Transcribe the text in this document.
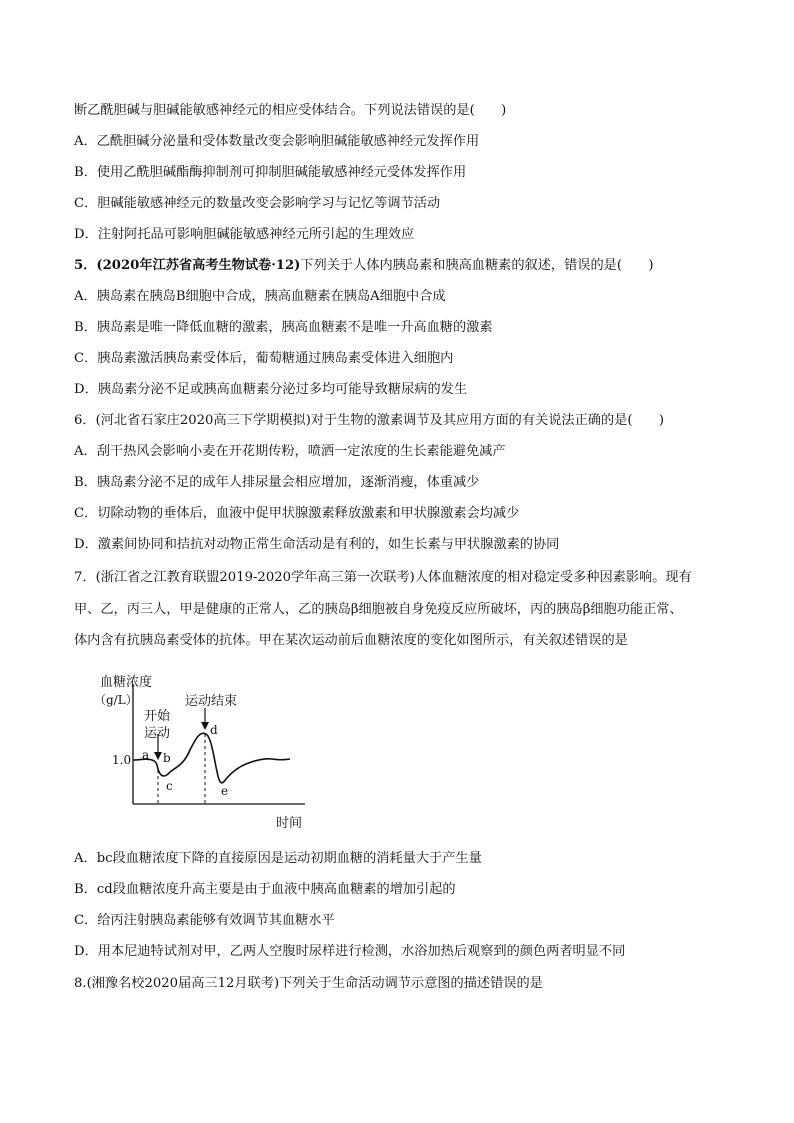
断乙酰胆碱与胆碱能敏感神经元的相应受体结合。下列说法错误的是(　　)
A．乙酰胆碱分泌量和受体数量改变会影响胆碱能敏感神经元发挥作用
B．使用乙酰胆碱酯酶抑制剂可抑制胆碱能敏感神经元受体发挥作用
C．胆碱能敏感神经元的数量改变会影响学习与记忆等调节活动
D．注射阿托品可影响胆碱能敏感神经元所引起的生理效应
5．(2020年江苏省高考生物试卷·12)下列关于人体内胰岛素和胰高血糖素的叙述，错误的是(　　)
A．胰岛素在胰岛B细胞中合成，胰高血糖素在胰岛A细胞中合成
B．胰岛素是唯一降低血糖的激素，胰高血糖素不是唯一升高血糖的激素
C．胰岛素激活胰岛素受体后，葡萄糖通过胰岛素受体进入细胞内
D．胰岛素分泌不足或胰高血糖素分泌过多均可能导致糖尿病的发生
6．(河北省石家庄2020高三下学期模拟)对于生物的激素调节及其应用方面的有关说法正确的是(　　)
A．刮干热风会影响小麦在开花期传粉，喷洒一定浓度的生长素能避免减产
B．胰岛素分泌不足的成年人排尿量会相应增加，逐渐消瘦，体重减少
C．切除动物的垂体后，血液中促甲状腺激素释放激素和甲状腺激素会均减少
D．激素间协同和拮抗对动物正常生命活动是有利的，如生长素与甲状腺激素的协同
7．(浙江省之江教育联盟2019-2020学年高三第一次联考)人体血糖浓度的相对稳定受多种因素影响。现有
甲、乙，丙三人，甲是健康的正常人，乙的胰岛β细胞被自身免疫反应所破坏，丙的胰岛β细胞功能正常、
体内含有抗胰岛素受体的抗体。甲在某次运动前后血糖浓度的变化如图所示，有关叙述错误的是
血糖浓度
（g/L）
1.0
开始
运动
运动结束
a b
c
d
e
时间
A．bc段血糖浓度下降的直接原因是运动初期血糖的消耗量大于产生量
B．cd段血糖浓度升高主要是由于血液中胰高血糖素的增加引起的
C．给丙注射胰岛素能够有效调节其血糖水平
D．用本尼迪特试剂对甲，乙两人空腹时尿样进行检测，水浴加热后观察到的颜色两者明显不同
8.(湘豫名校2020届高三12月联考)下列关于生命活动调节示意图的描述错误的是
